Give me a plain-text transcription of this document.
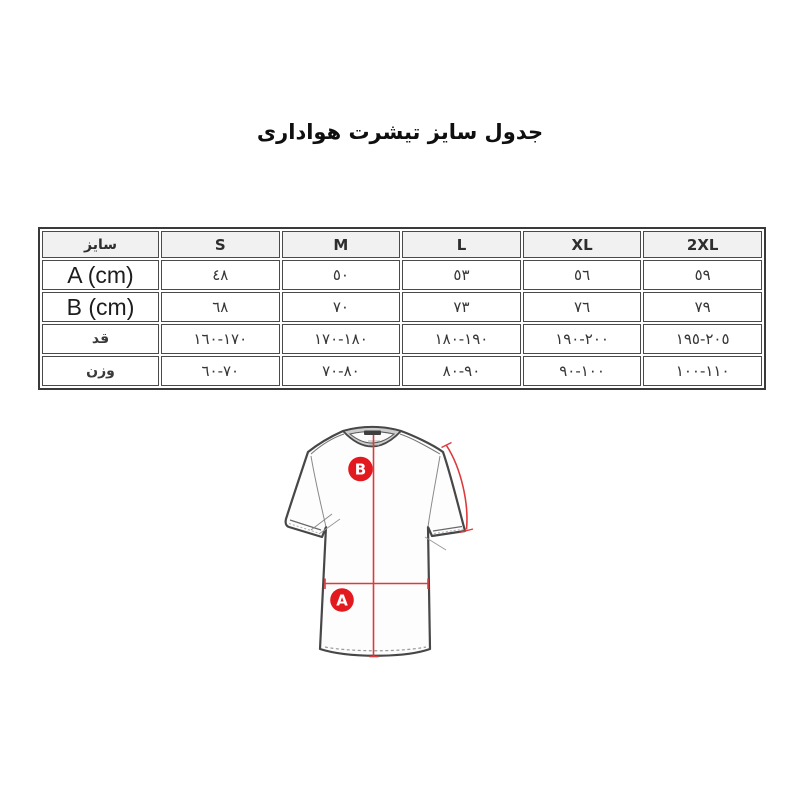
جدول سایز تیشرت هواداری
سایز	S	M	L	XL	2XL
A (cm)	٤٨	٥٠	٥٣	٥٦	٥٩
B (cm)	٦٨	٧٠	٧٣	٧٦	٧٩
قد	١٦٠-١٧٠	١٧٠-١٨٠	١٨٠-١٩٠	١٩٠-٢٠٠	١٩٥-٢٠٥
وزن	٦٠-٧٠	٧٠-٨٠	٨٠-٩٠	٩٠-١٠٠	١٠٠-١١٠
B
A
